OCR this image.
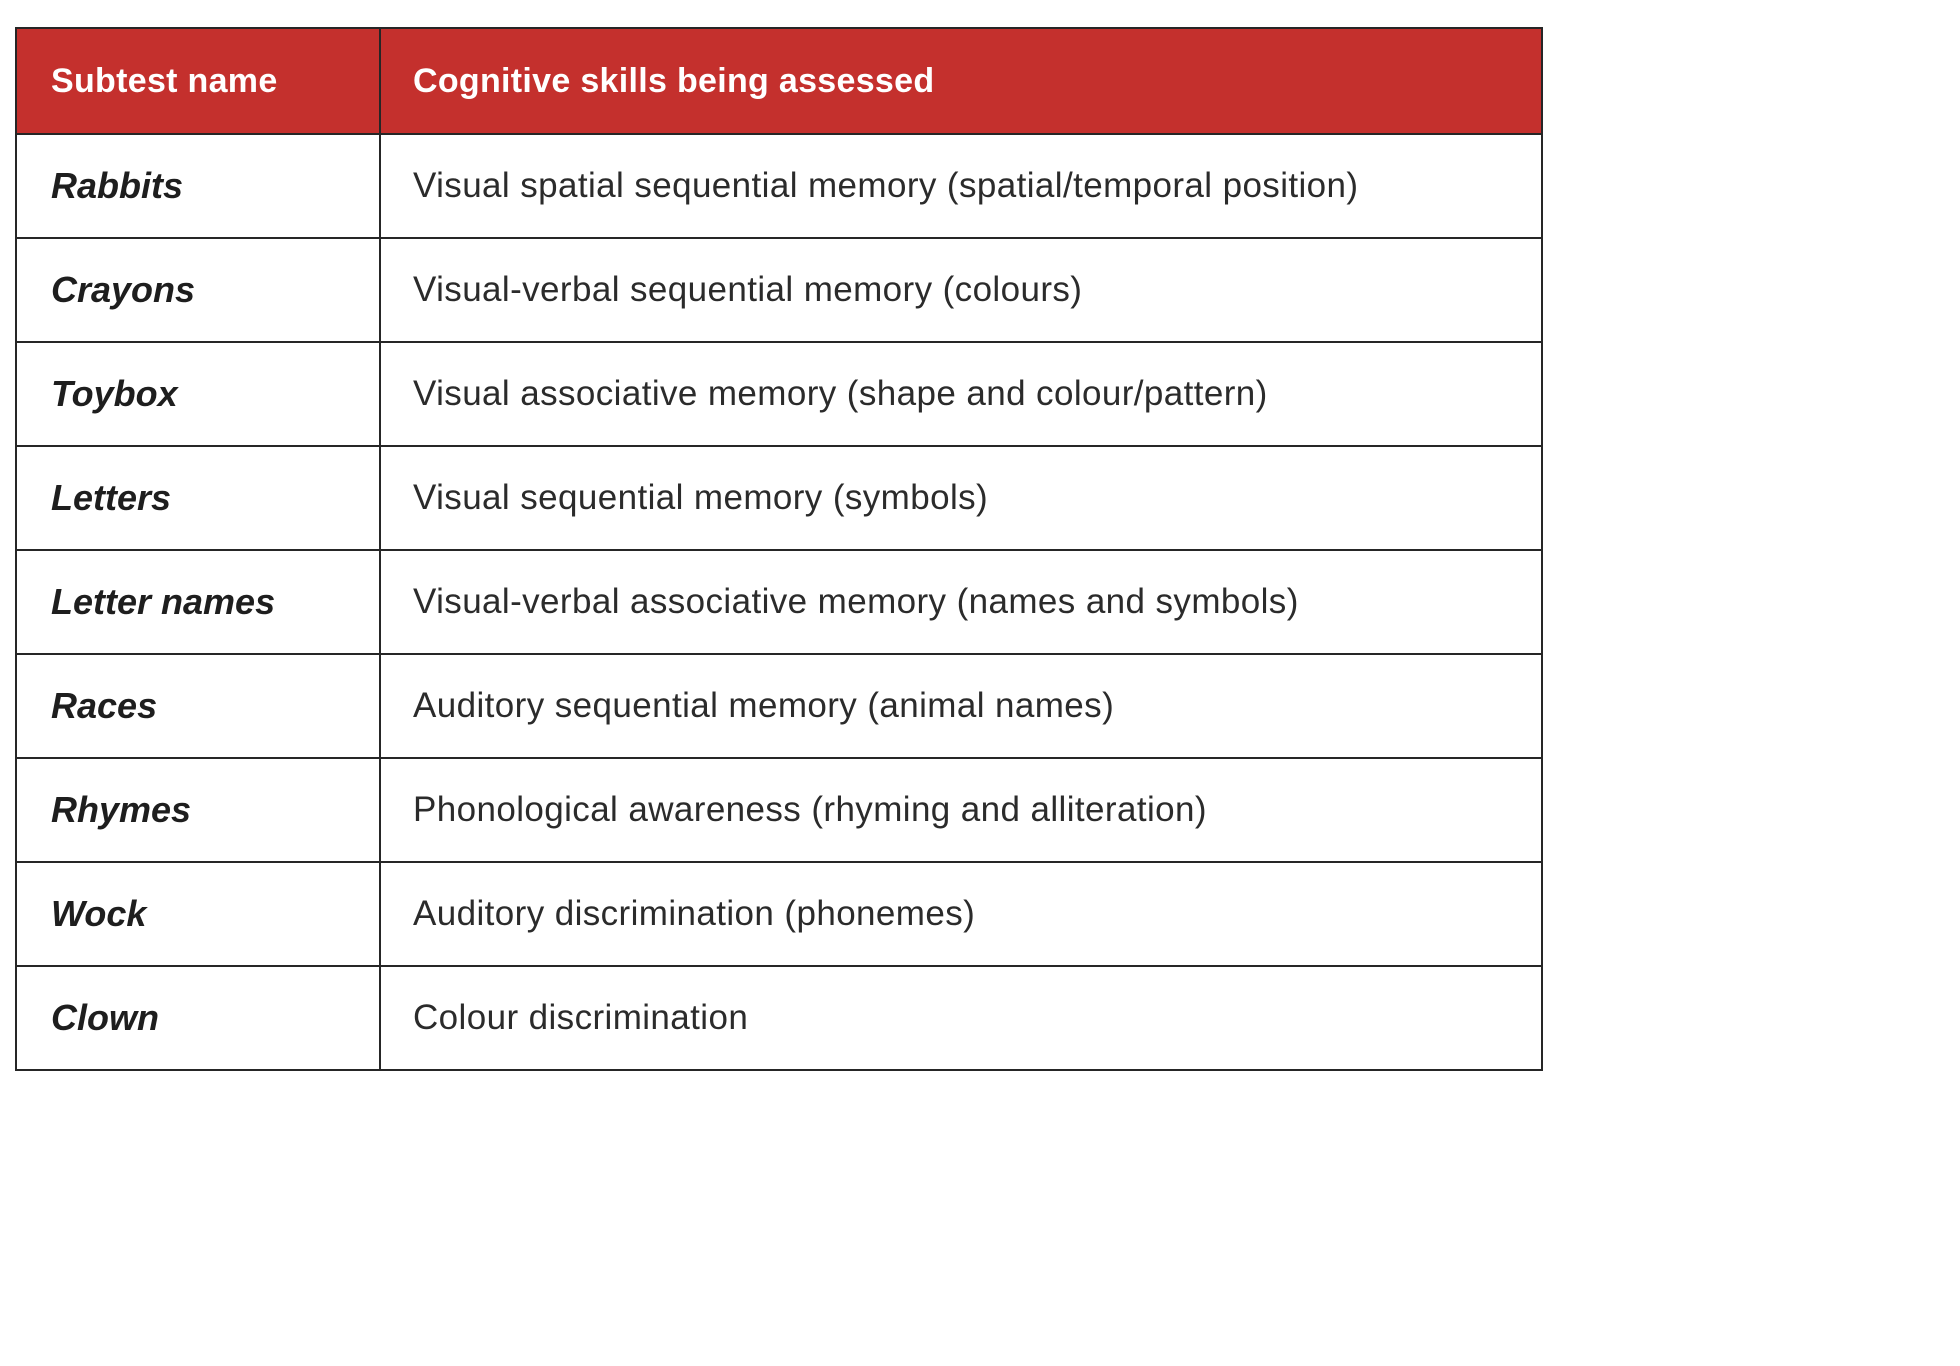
Subtest name	Cognitive skills being assessed
Rabbits	Visual spatial sequential memory (spatial/temporal position)
Crayons	Visual-verbal sequential memory (colours)
Toybox	Visual associative memory (shape and colour/pattern)
Letters	Visual sequential memory (symbols)
Letter names	Visual-verbal associative memory (names and symbols)
Races	Auditory sequential memory (animal names)
Rhymes	Phonological awareness (rhyming and alliteration)
Wock	Auditory discrimination (phonemes)
Clown	Colour discrimination
